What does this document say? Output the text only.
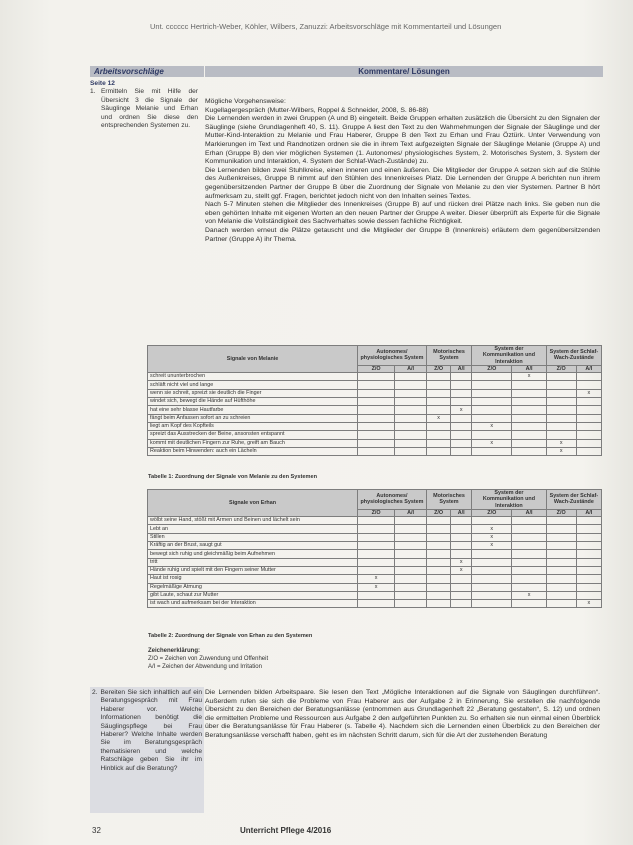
Unt. cccccc Hertrich-Weber, Köhler, Wilbers, Zanuzzi: Arbeitsvorschläge mit Kommentarteil und Lösungen
Arbeitsvorschläge	Kommentare/ Lösungen
Seite 12
1. Ermitteln Sie mit Hilfe der Übersicht 3 die Signale der Säuglinge Melanie und Erhan und ordnen Sie diese den entsprechenden Systemen zu.

Mögliche Vorgehensweise:

Kugellagergespräch (Mutter-Wilbers, Roppel & Schneider, 2008, S. 86-88)

Die Lernenden werden in zwei Gruppen (A und B) eingeteilt. Beide Gruppen erhalten zusätzlich die Übersicht zu den Signalen der Säuglinge (siehe Grundlagenheft 40, S. 11). Gruppe A liest den Text zu den Wahrnehmungen der Signale der Säuglinge und der Mutter-Kind-Interaktion zu Melanie und Frau Haberer, Gruppe B den Text zu Erhan und Frau Öztürk. Unter Verwendung von Markierungen im Text und Randnotizen ordnen sie die in ihrem Text aufgezeigten Signale der Säuglinge Melanie (Gruppe A) und Erhan (Gruppe B) den vier möglichen Systemen (1. Autonomes/ physiologisches System, 2. Motorisches System, 3. System der Kommunikation und Interaktion, 4. System der Schlaf-Wach-Zustände) zu.

Die Lernenden bilden zwei Stuhlkreise, einen inneren und einen äußeren. Die Mitglieder der Gruppe A setzen sich auf die Stühle des Außenkreises, Gruppe B nimmt auf den Stühlen des Innenkreises Platz. Die Lernenden der Gruppe A berichten nun ihrem gegenübersitzenden Partner der Gruppe B über die Zuordnung der Signale von Melanie zu den vier Systemen. Partner B hört aufmerksam zu, stellt ggf. Fragen, berichtet jedoch nicht von den Inhalten seines Textes.

Nach 5-7 Minuten stehen die Mitglieder des Innenkreises (Gruppe B) auf und rücken drei Plätze nach links. Sie geben nun die eben gehörten Inhalte mit eigenen Worten an den neuen Partner der Gruppe A weiter. Dieser überprüft als Experte für die Signale von Melanie die Vollständigkeit des Sachverhaltes sowie dessen fachliche Richtigkeit.

Danach werden erneut die Plätze getauscht und die Mitglieder der Gruppe B (Innenkreis) erläutern dem gegenübersitzenden Partner (Gruppe A) ihr Thema.

Signale von Melanie	Autonomes/ physiologisches System		Motorisches System		System der Kommunikation und Interaktion		System der Schlaf-Wach-Zustände	
	Z/O	A/I	Z/O	A/I	Z/O	A/I	Z/O	A/I
schreit ununterbrochen						x		
schläft nicht viel und lange								
wenn sie schreit, spreizt sie deutlich die Finger								x
windet sich, bewegt die Hände auf Hüfthöhe								
hat eine sehr blasse Hautfarbe				x				
fängt beim Anfassen sofort an zu schreien			x					
liegt am Kopf des Kopfteils					x			
spreizt das Ausstrecken der Beine, ansonsten entspannt								
kommt mit deutlichen Fingern zur Ruhe, greift am Bauch					x		x	
Reaktion beim Hinwenden: auch ein Lächeln							x	
Tabelle 1: Zuordnung der Signale von Melanie zu den Systemen
Signale von Erhan	Autonomes/ physiologisches System		Motorisches System		System der Kommunikation und Interaktion		System der Schlaf-Wach-Zustände	
	Z/O	A/I	Z/O	A/I	Z/O	A/I	Z/O	A/I
wölbt seine Hand, stößt mit Armen und Beinen und lächelt sein								
Lebt an					x			
Stillen					x			
Kräftig an der Brust, saugt gut					x			
bewegt sich ruhig und gleichmäßig beim Aufnehmen								
tritt				x				
Hände ruhig und spielt mit den Fingern seiner Mutter				x				
Haut ist rosig	x							
Regelmäßige Atmung	x							
gibt Laute, schaut zur Mutter						x		
ist wach und aufmerksam bei der Interaktion								x
Tabelle 2: Zuordnung der Signale von Erhan zu den Systemen
Zeichenerklärung:
Z/O = Zeichen von Zuwendung und Offenheit
A/I = Zeichen der Abwendung und Irritation
2. Bereiten Sie sich inhaltlich auf ein Beratungsgespräch mit Frau Haberer vor. Welche Informationen benötigt die Säuglingspflege bei Frau Haberer? Welche Inhalte werden Sie im Beratungsgespräch thematisieren und welche Ratschläge geben Sie ihr im Hinblick auf die Beratung?
Die Lernenden bilden Arbeitspaare. Sie lesen den Text „Mögliche Interaktionen auf die Signale von Säuglingen durchführen“. Außerdem rufen sie sich die Probleme von Frau Haberer aus der Aufgabe 2 in Erinnerung. Sie erstellen die nachfolgende Übersicht zu den Bereichen der Beratungsanlässe (entnommen aus Grundlagenheft 22 „Beratung gestalten“, S. 12) und ordnen die ermittelten Probleme und Ressourcen aus Aufgabe 2 den aufgeführten Punkten zu. So erhalten sie nun einmal einen Überblick über die Beratungsanlässe für Frau Haberer (s. Tabelle 4). Nachdem sich die Lernenden einen Überblick zu den Bereichen der Beratungsanlässe verschafft haben, geht es im nächsten Schritt darum, sich für die Art der zustehenden Beratung
32	Unterricht Pflege 4/2016
